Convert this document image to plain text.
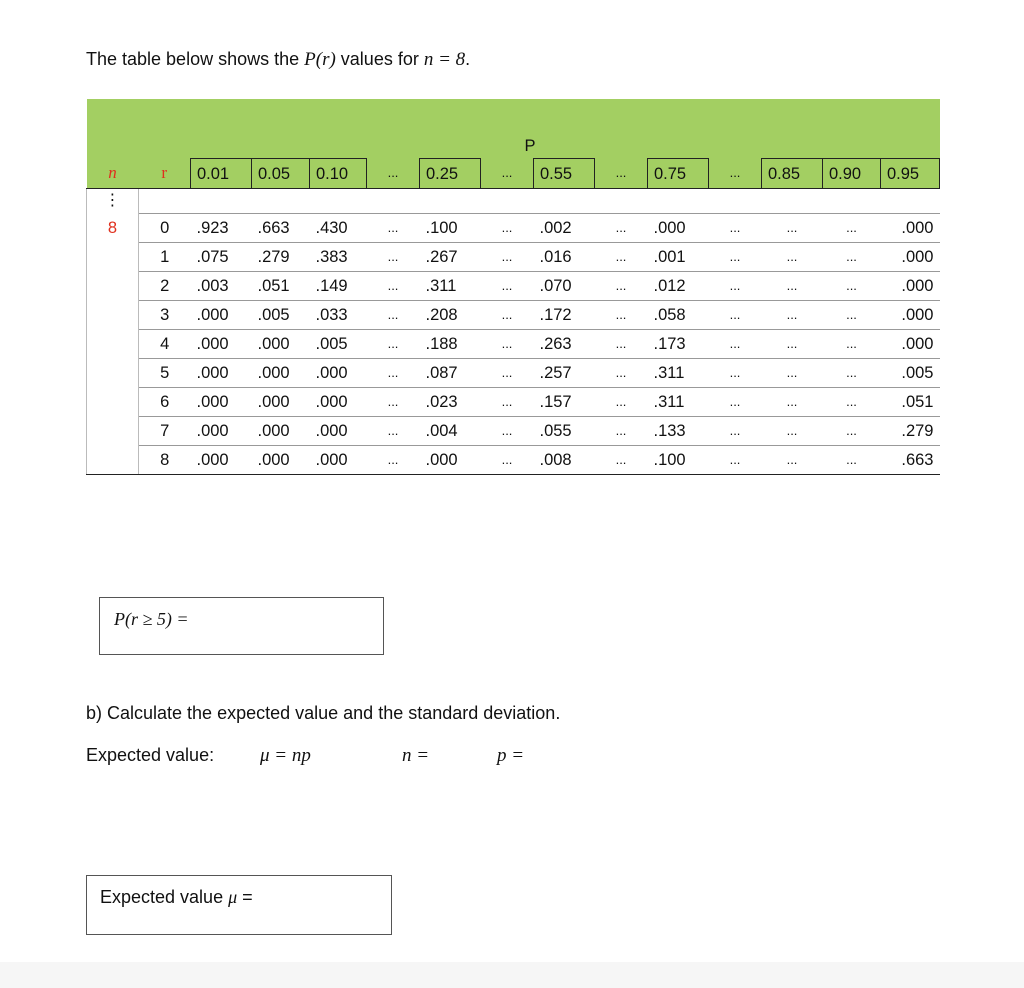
The table below shows the P(r) values for n = 8.
P														
n	r	0.01	0.05	0.10	...	0.25	...	0.55	...	0.75	...	0.85	0.90	0.95
⋮														
8	0	.923	.663	.430	...	.100	...	.002	...	.000	...	...	...	.000
	1	.075	.279	.383	...	.267	...	.016	...	.001	...	...	...	.000
	2	.003	.051	.149	...	.311	...	.070	...	.012	...	...	...	.000
	3	.000	.005	.033	...	.208	...	.172	...	.058	...	...	...	.000
	4	.000	.000	.005	...	.188	...	.263	...	.173	...	...	...	.000
	5	.000	.000	.000	...	.087	...	.257	...	.311	...	...	...	.005
	6	.000	.000	.000	...	.023	...	.157	...	.311	...	...	...	.051
	7	.000	.000	.000	...	.004	...	.055	...	.133	...	...	...	.279
	8	.000	.000	.000	...	.000	...	.008	...	.100	...	...	...	.663
P(r ≥ 5) =
b) Calculate the expected value and the standard deviation.
Expected value: μ = np	n =	p =
Expected value μ =
